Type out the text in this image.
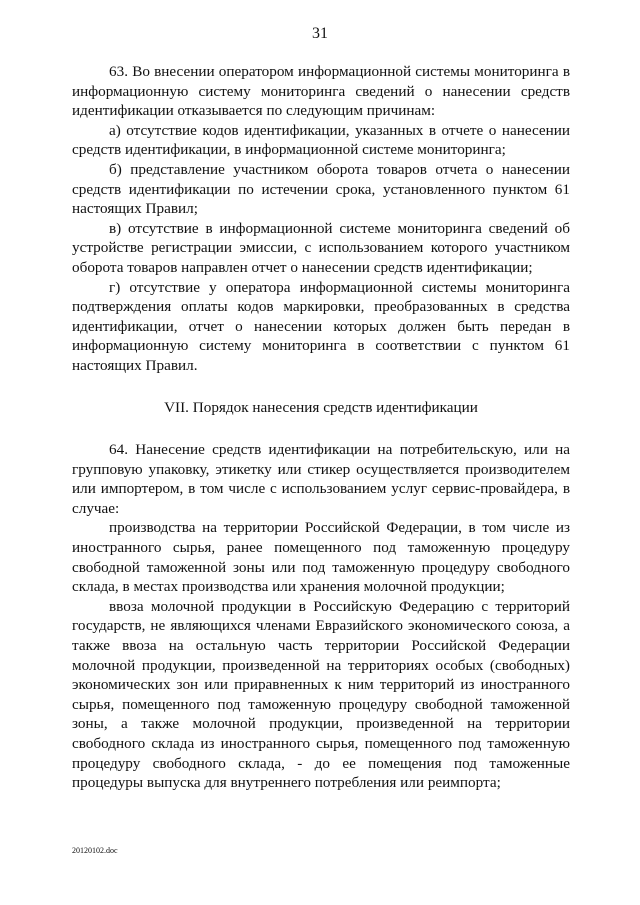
31

63. Во внесении оператором информационной системы мониторинга в информационную систему мониторинга сведений о нанесении средств идентификации отказывается по следующим причинам:

а) отсутствие кодов идентификации, указанных в отчете о нанесении средств идентификации, в информационной системе мониторинга;

б) представление участником оборота товаров отчета о нанесении средств идентификации по истечении срока, установленного пунктом 61 настоящих Правил;

в) отсутствие в информационной системе мониторинга сведений об устройстве регистрации эмиссии, с использованием которого участником оборота товаров направлен отчет о нанесении средств идентификации;

г) отсутствие у оператора информационной системы мониторинга подтверждения оплаты кодов маркировки, преобразованных в средства идентификации, отчет о нанесении которых должен быть передан в информационную систему мониторинга в соответствии с пунктом 61 настоящих Правил.

VII. Порядок нанесения средств идентификации

64. Нанесение средств идентификации на потребительскую, или на групповую упаковку, этикетку или стикер осуществляется производителем или импортером, в том числе с использованием услуг сервис-провайдера, в случае:

производства на территории Российской Федерации, в том числе из иностранного сырья, ранее помещенного под таможенную процедуру свободной таможенной зоны или под таможенную процедуру свободного склада, в местах производства или хранения молочной продукции;

ввоза молочной продукции в Российскую Федерацию с территорий государств, не являющихся членами Евразийского экономического союза, а также ввоза на остальную часть территории Российской Федерации молочной продукции, произведенной на территориях особых (свободных) экономических зон или приравненных к ним территорий из иностранного сырья, помещенного под таможенную процедуру свободной таможенной зоны, а также молочной продукции, произведенной на территории свободного склада из иностранного сырья, помещенного под таможенную процедуру свободного склада, - до ее помещения под таможенные процедуры выпуска для внутреннего потребления или реимпорта;

20120102.doc
